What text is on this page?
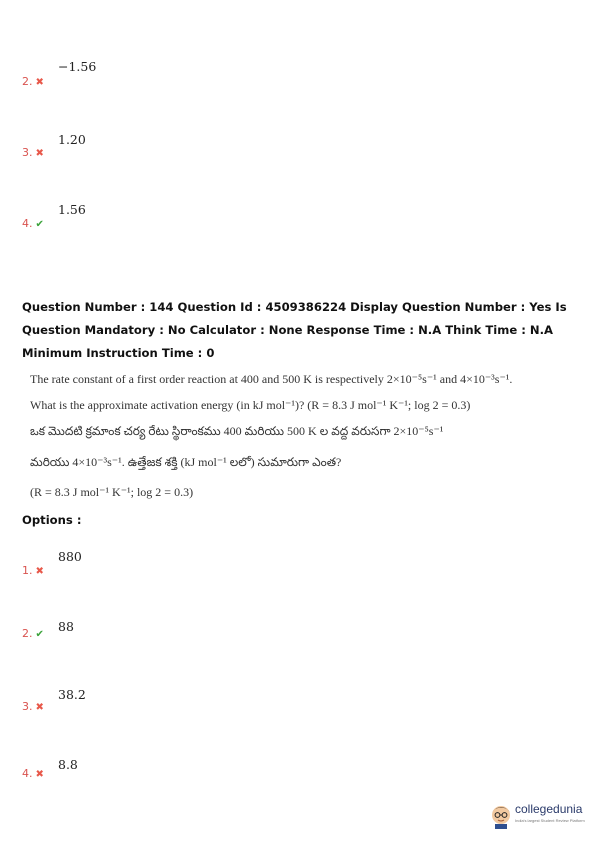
−1.56
2. ✖
1.20
3. ✖
1.56
4. ✔
Question Number : 144 Question Id : 4509386224 Display Question Number : Yes Is Question Mandatory : No Calculator : None Response Time : N.A Think Time : N.A Minimum Instruction Time : 0
The rate constant of a first order reaction at 400 and 500 K is respectively 2×10⁻⁵s⁻¹ and 4×10⁻³s⁻¹.
What is the approximate activation energy (in kJ mol⁻¹)? (R = 8.3 J mol⁻¹ K⁻¹; log 2 = 0.3)
ఒక మొదటి క్రమాంక చర్య రేటు స్థిరాంకము 400 మరియు 500 K ల వద్ద వరుసగా 2×10⁻⁵s⁻¹
మరియు 4×10⁻³s⁻¹. ఉత్తేజక శక్తి (kJ mol⁻¹ లలో) సుమారుగా ఎంత?
(R = 8.3 J mol⁻¹ K⁻¹; log 2 = 0.3)
Options :
880
1. ✖
88
2. ✔
38.2
3. ✖
8.8
4. ✖
collegedunia
India's largest Student Review Platform
